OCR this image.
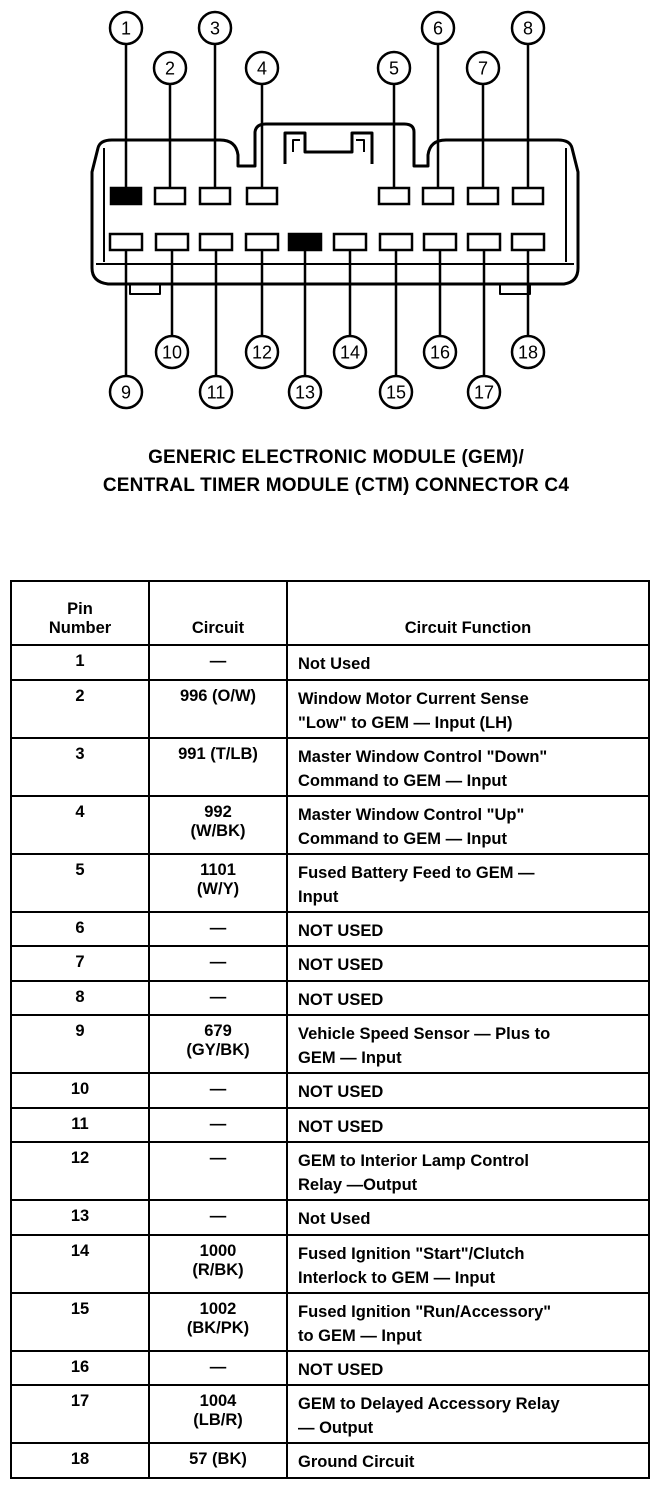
1
2
3
4	5
6
7
8
9
10
11
12
13
14
15
16
17
18
GENERIC ELECTRONIC MODULE (GEM)/
CENTRAL TIMER MODULE (CTM) CONNECTOR C4
Pin
Number	Circuit	Circuit Function
1	—	Not Used
2	996 (O/W)	Window Motor Current Sense
"Low" to GEM — Input (LH)
3	991 (T/LB)	Master Window Control "Down"
Command to GEM — Input
4	992
(W/BK)	Master Window Control "Up"
Command to GEM — Input
5	1101
(W/Y)	Fused Battery Feed to GEM —
Input
6	—	NOT USED
7	—	NOT USED
8	—	NOT USED
9	679
(GY/BK)	Vehicle Speed Sensor — Plus to
GEM — Input
10	—	NOT USED
11	—	NOT USED
12	—	GEM to Interior Lamp Control
Relay —Output
13	—	Not Used
14	1000
(R/BK)	Fused Ignition "Start"/Clutch
Interlock to GEM — Input
15	1002
(BK/PK)	Fused Ignition "Run/Accessory"
to GEM — Input
16	—	NOT USED
17	1004
(LB/R)	GEM to Delayed Accessory Relay
— Output
18	57 (BK)	Ground Circuit
